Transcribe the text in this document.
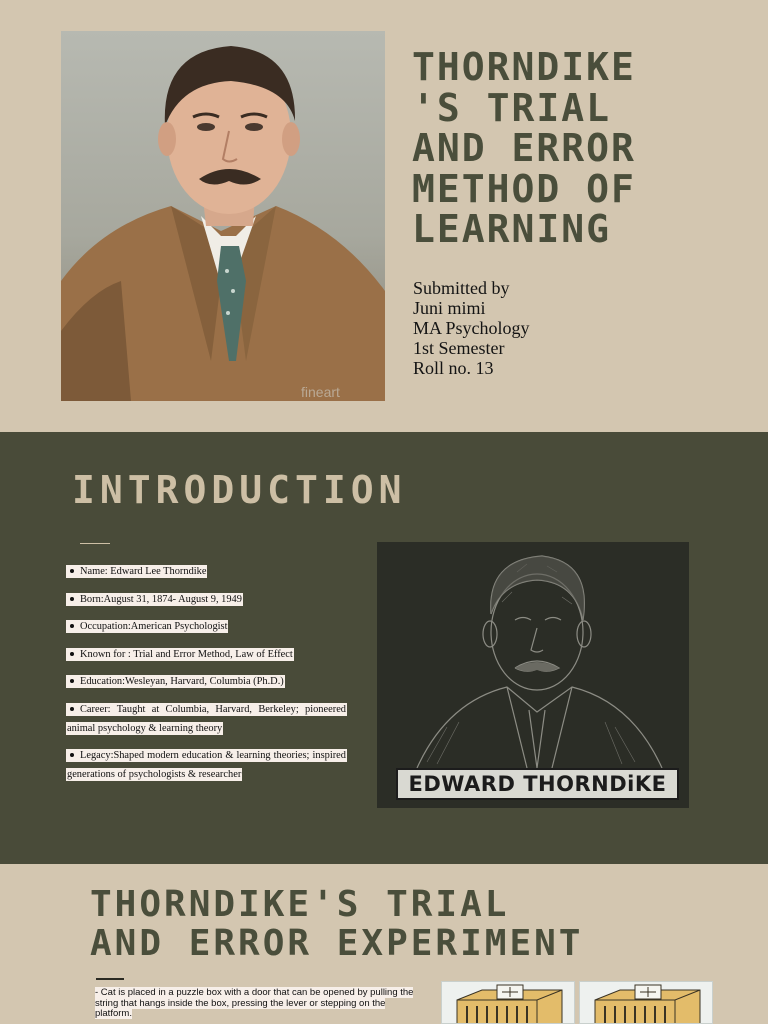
fineart
THORNDIKE
'S TRIAL
AND ERROR
METHOD OF
LEARNING
Submitted by
Juni mimi
MA Psychology
1st Semester
Roll no. 13
INTRODUCTION
Name: Edward Lee Thorndike
Born:August 31, 1874- August 9, 1949
Occupation:American Psychologist
Known for : Trial and Error Method, Law of Effect
Education:Wesleyan, Harvard, Columbia (Ph.D.)
Career: Taught at Columbia, Harvard, Berkeley; pioneered animal psychology & learning theory
Legacy:Shaped modern education & learning theories; inspired generations of psychologists & researcher	EDWARD THORNDiKE
THORNDIKE'S TRIAL
AND ERROR EXPERIMENT
- Cat is placed in a puzzle box with a door that can be opened by pulling the string that hangs inside the box, pressing the lever or stepping on the platform.
